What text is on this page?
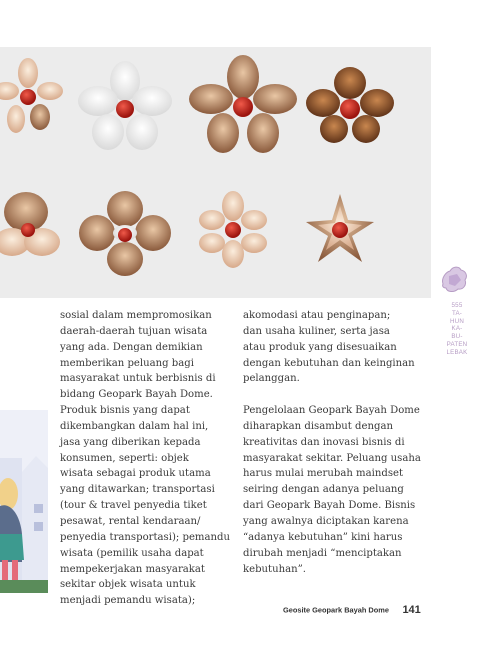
555
TA-
HUN
KA-
BU-
PATEN
LEBAK

sosial dalam mempromosikan
daerah-daerah tujuan wisata
yang ada. Dengan demikian
memberikan peluang bagi
masyarakat untuk berbisnis di
bidang Geopark Bayah Dome.
Produk bisnis yang dapat
dikembangkan dalam hal ini,
jasa yang diberikan kepada
konsumen, seperti: objek
wisata sebagai produk utama
yang ditawarkan; transportasi
(tour & travel penyedia tiket
pesawat, rental kendaraan/
penyedia transportasi); pemandu
wisata (pemilik usaha dapat
mempekerjakan masyarakat
sekitar objek wisata untuk
menjadi pemandu wisata);

akomodasi atau penginapan;
dan usaha kuliner, serta jasa
atau produk yang disesuaikan
dengan kebutuhan dan keinginan
pelanggan.

Pengelolaan Geopark Bayah Dome
diharapkan disambut dengan
kreativitas dan inovasi bisnis di
masyarakat sekitar. Peluang usaha
harus mulai merubah maindset
seiring dengan adanya peluang
dari Geopark Bayah Dome. Bisnis
yang awalnya diciptakan karena
“adanya kebutuhan” kini harus
dirubah menjadi “menciptakan
kebutuhan”.

Geosite Geopark Bayah Dome 141
